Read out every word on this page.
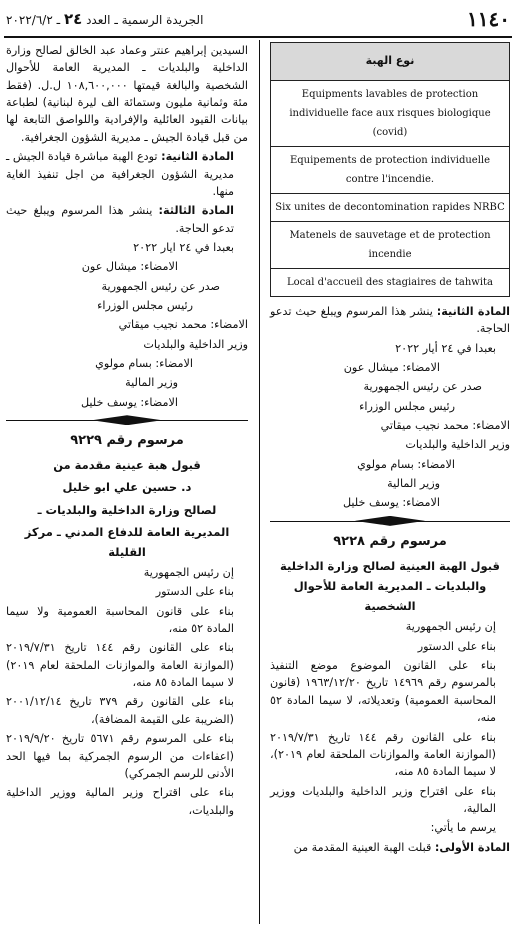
١١٤٠
الجريدة الرسمية ـ العدد ٢٤ ـ ٢٠٢٢/٦/٢
نوع الهبة
Equipments lavables de protection individuelle face aux risques biologique (covid)
Equipements de protection individuelle contre l'incendie.
Six unites de decontomination rapides NRBC
Matenels de sauvetage et de protection incendie
Local d'accueil des stagiaires de tahwita

المادة الثانية: ينشر هذا المرسوم ويبلغ حيث تدعو الحاجة.

بعبدا في ٢٤ أيار ٢٠٢٢

الامضاء: ميشال عون

صدر عن رئيس الجمهورية

رئيس مجلس الوزراء

الامضاء: محمد نجيب ميقاتي

وزير الداخلية والبلديات

الامضاء: بسام مولوي

وزير المالية

الامضاء: يوسف خليل

مرسوم رقم ٩٢٢٨

قبول الهبة العينية لصالح وزارة الداخلية والبلديات ـ المديرية العامة للأحوال الشخصية

إن رئيس الجمهورية

بناء على الدستور

بناء على القانون الموضوع موضع التنفيذ بالمرسوم رقم ١٤٩٦٩ تاريخ ١٩٦٣/١٢/٢٠ (قانون المحاسبة العمومية) وتعديلاته، لا سيما المادة ٥٢ منه،

بناء على القانون رقم ١٤٤ تاريخ ٢٠١٩/٧/٣١ (الموازنة العامة والموازنات الملحقة لعام ٢٠١٩)، لا سيما المادة ٨٥ منه،

بناء على اقتراح وزير الداخلية والبلديات ووزير المالية،

يرسم ما يأتي:

المادة الأولى: قبلت الهبة العينية المقدمة من

السيدين إبراهيم عنتر وعماد عبد الخالق لصالح وزارة الداخلية والبلديات ـ المديرية العامة للأحوال الشخصية والبالغة قيمتها ١٠٨,٦٠٠,٠٠٠ ل.ل. (فقط مئة وثمانية مليون وستمائة الف ليرة لبنانية) لطباعة بيانات القيود العائلية والإفرادية واللواصق التابعة لها من قبل قيادة الجيش ـ مديرية الشؤون الجغرافية.

المادة الثانية: تودع الهبة مباشرة قيادة الجيش ـ مديرية الشؤون الجغرافية من اجل تنفيذ الغاية منها.

المادة الثالثة: ينشر هذا المرسوم ويبلغ حيث تدعو الحاجة.

بعبدا في ٢٤ ايار ٢٠٢٢

الامضاء: ميشال عون

صدر عن رئيس الجمهورية

رئيس مجلس الوزراء

الامضاء: محمد نجيب ميقاتي

وزير الداخلية والبلديات

الامضاء: بسام مولوي

وزير المالية

الامضاء: يوسف خليل

مرسوم رقم ٩٢٢٩

قبول هبة عينية مقدمة من

د. حسين علي ابو خليل

لصالح وزارة الداخلية والبلديات ـ

المديرية العامة للدفاع المدني ـ مركز القليلة

إن رئيس الجمهورية

بناء على الدستور

بناء على قانون المحاسبة العمومية ولا سيما المادة ٥٢ منه،

بناء على القانون رقم ١٤٤ تاريخ ٢٠١٩/٧/٣١ (الموازنة العامة والموازنات الملحقة لعام ٢٠١٩) لا سيما المادة ٨٥ منه،

بناء على القانون رقم ٣٧٩ تاريخ ٢٠٠١/١٢/١٤ (الضريبة على القيمة المضافة)،

بناء على المرسوم رقم ٥٦٧١ تاريخ ٢٠١٩/٩/٢٠ (اعفاءات من الرسوم الجمركية بما فيها الحد الأدنى للرسم الجمركي)

بناء على اقتراح وزير المالية ووزير الداخلية والبلديات،
